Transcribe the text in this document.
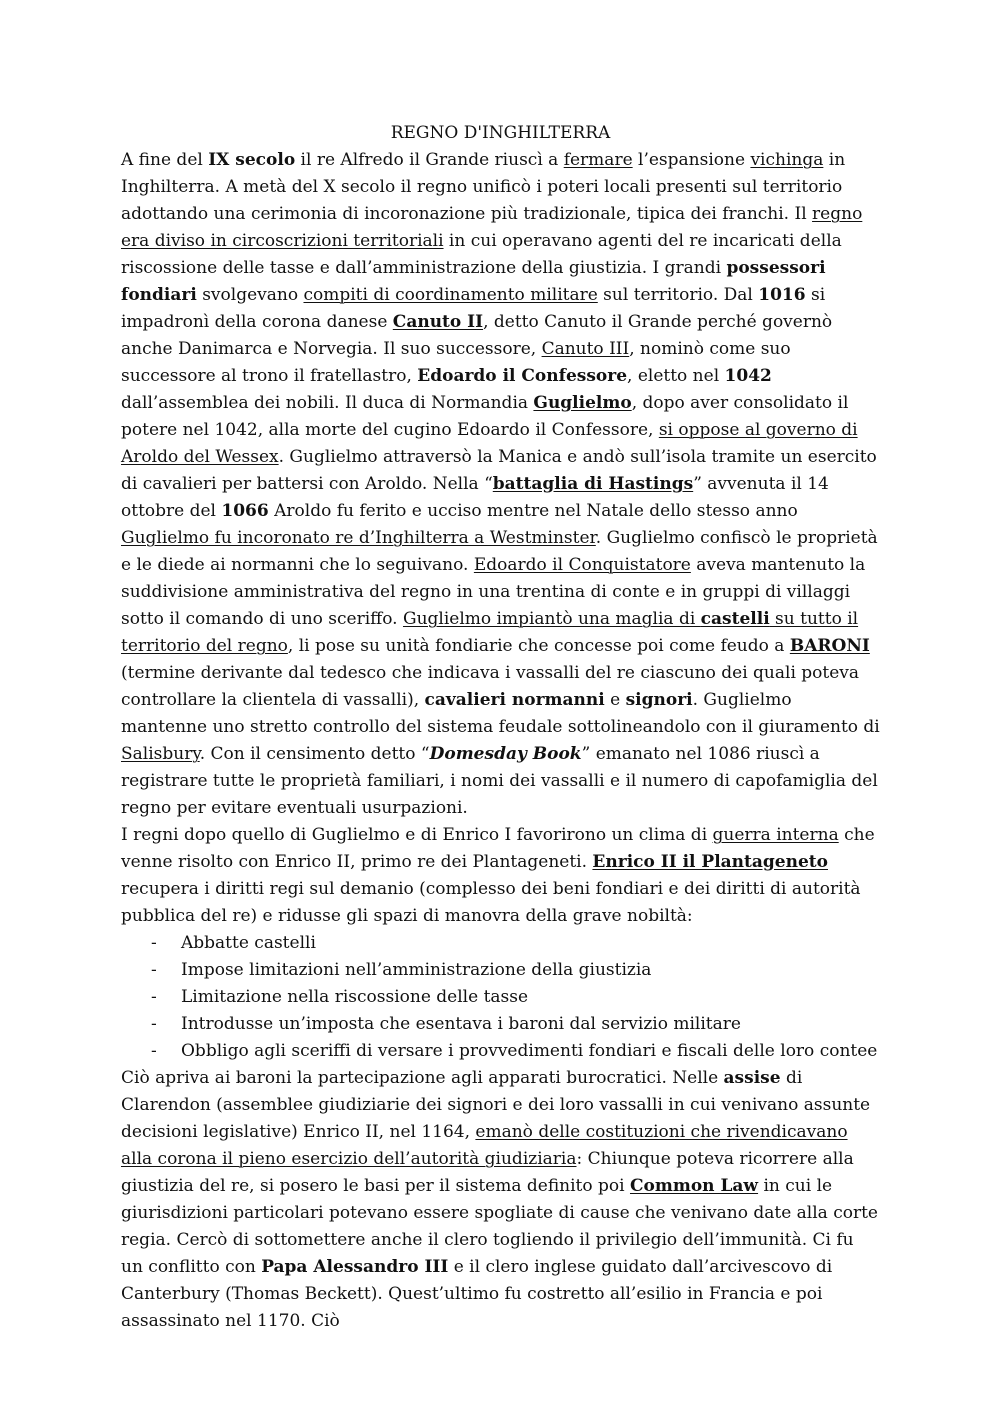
REGNO D'INGHILTERRA

A fine del IX secolo il re Alfredo il Grande riuscì a fermare l’espansione vichinga in Inghilterra. A metà del X secolo il regno unificò i poteri locali presenti sul territorio adottando una cerimonia di incoronazione più tradizionale, tipica dei franchi. Il regno era diviso in circoscrizioni territoriali in cui operavano agenti del re incaricati della riscossione delle tasse e dall’amministrazione della giustizia. I grandi possessori fondiari svolgevano compiti di coordinamento militare sul territorio. Dal 1016 si impadronì della corona danese Canuto II, detto Canuto il Grande perché governò anche Danimarca e Norvegia. Il suo successore, Canuto III, nominò come suo successore al trono il fratellastro, Edoardo il Confessore, eletto nel 1042 dall’assemblea dei nobili. Il duca di Normandia Guglielmo, dopo aver consolidato il potere nel 1042, alla morte del cugino Edoardo il Confessore, si oppose al governo di Aroldo del Wessex. Guglielmo attraversò la Manica e andò sull’isola tramite un esercito di cavalieri per battersi con Aroldo. Nella “battaglia di Hastings” avvenuta il 14 ottobre del 1066 Aroldo fu ferito e ucciso mentre nel Natale dello stesso anno Guglielmo fu incoronato re d’Inghilterra a Westminster. Guglielmo confiscò le proprietà e le diede ai normanni che lo seguivano. Edoardo il Conquistatore aveva mantenuto la suddivisione amministrativa del regno in una trentina di conte e in gruppi di villaggi sotto il comando di uno sceriffo. Guglielmo impiantò una maglia di castelli su tutto il territorio del regno, li pose su unità fondiarie che concesse poi come feudo a BARONI (termine derivante dal tedesco che indicava i vassalli del re ciascuno dei quali poteva controllare la clientela di vassalli), cavalieri normanni e signori. Guglielmo mantenne uno stretto controllo del sistema feudale sottolineandolo con il giuramento di Salisbury. Con il censimento detto “Domesday Book” emanato nel 1086 riuscì a registrare tutte le proprietà familiari, i nomi dei vassalli e il numero di capofamiglia del regno per evitare eventuali usurpazioni.

I regni dopo quello di Guglielmo e di Enrico I favorirono un clima di guerra interna che venne risolto con Enrico II, primo re dei Plantageneti. Enrico II il Plantageneto recupera i diritti regi sul demanio (complesso dei beni fondiari e dei diritti di autorità pubblica del re) e ridusse gli spazi di manovra della grave nobiltà:

- Abbatte castelli
- Impose limitazioni nell’amministrazione della giustizia
- Limitazione nella riscossione delle tasse
- Introdusse un’imposta che esentava i baroni dal servizio militare
- Obbligo agli sceriffi di versare i provvedimenti fondiari e fiscali delle loro contee

Ciò apriva ai baroni la partecipazione agli apparati burocratici. Nelle assise di Clarendon (assemblee giudiziarie dei signori e dei loro vassalli in cui venivano assunte decisioni legislative) Enrico II, nel 1164, emanò delle costituzioni che rivendicavano alla corona il pieno esercizio dell’autorità giudiziaria: Chiunque poteva ricorrere alla giustizia del re, si posero le basi per il sistema definito poi Common Law in cui le giurisdizioni particolari potevano essere spogliate di cause che venivano date alla corte regia. Cercò di sottomettere anche il clero togliendo il privilegio dell’immunità. Ci fu un conflitto con Papa Alessandro III e il clero inglese guidato dall’arcivescovo di Canterbury (Thomas Beckett). Quest’ultimo fu costretto all’esilio in Francia e poi assassinato nel 1170. Ciò
